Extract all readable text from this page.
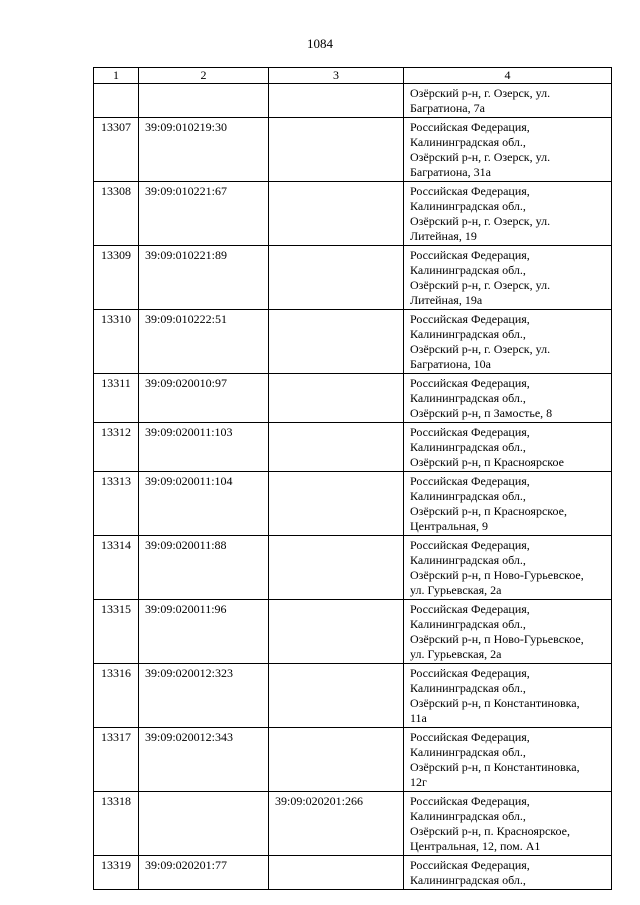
1084
1	2	3	4
			Озёрский р-н, г. Озерск, ул.
Багратиона, 7а
13307	39:09:010219:30		Российская Федерация,
Калининградская обл.,
Озёрский р-н, г. Озерск, ул.
Багратиона, 31а
13308	39:09:010221:67		Российская Федерация,
Калининградская обл.,
Озёрский р-н, г. Озерск, ул.
Литейная, 19
13309	39:09:010221:89		Российская Федерация,
Калининградская обл.,
Озёрский р-н, г. Озерск, ул.
Литейная, 19а
13310	39:09:010222:51		Российская Федерация,
Калининградская обл.,
Озёрский р-н, г. Озерск, ул.
Багратиона, 10а
13311	39:09:020010:97		Российская Федерация,
Калининградская обл.,
Озёрский р-н, п Замостье, 8
13312	39:09:020011:103		Российская Федерация,
Калининградская обл.,
Озёрский р-н, п Красноярское
13313	39:09:020011:104		Российская Федерация,
Калининградская обл.,
Озёрский р-н, п Красноярское,
Центральная, 9
13314	39:09:020011:88		Российская Федерация,
Калининградская обл.,
Озёрский р-н, п Ново-Гурьевское,
ул. Гурьевская, 2а
13315	39:09:020011:96		Российская Федерация,
Калининградская обл.,
Озёрский р-н, п Ново-Гурьевское,
ул. Гурьевская, 2а
13316	39:09:020012:323		Российская Федерация,
Калининградская обл.,
Озёрский р-н, п Константиновка,
11а
13317	39:09:020012:343		Российская Федерация,
Калининградская обл.,
Озёрский р-н, п Константиновка,
12г
13318		39:09:020201:266	Российская Федерация,
Калининградская обл.,
Озёрский р-н, п. Красноярское,
Центральная, 12, пом. А1
13319	39:09:020201:77		Российская Федерация,
Калининградская обл.,
